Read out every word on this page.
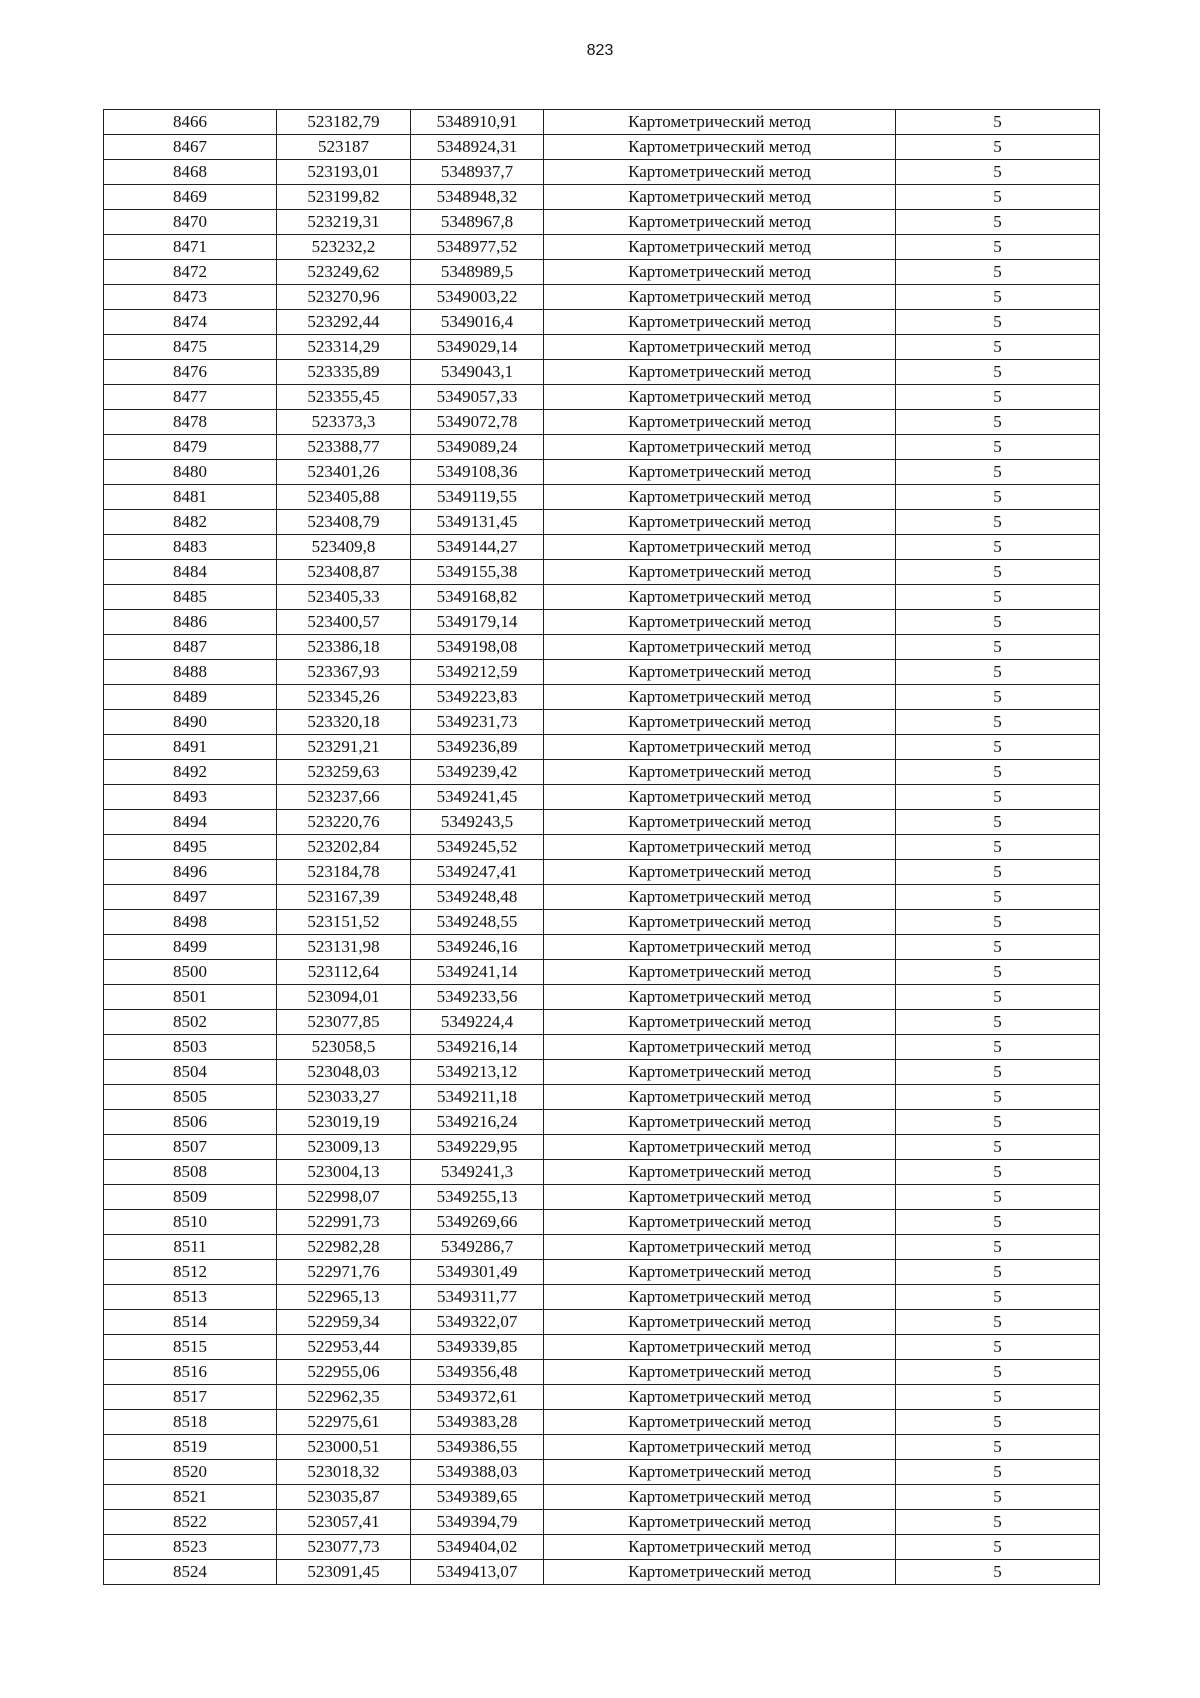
823
8466	523182,79	5348910,91	Картометрический метод	5
8467	523187	5348924,31	Картометрический метод	5
8468	523193,01	5348937,7	Картометрический метод	5
8469	523199,82	5348948,32	Картометрический метод	5
8470	523219,31	5348967,8	Картометрический метод	5
8471	523232,2	5348977,52	Картометрический метод	5
8472	523249,62	5348989,5	Картометрический метод	5
8473	523270,96	5349003,22	Картометрический метод	5
8474	523292,44	5349016,4	Картометрический метод	5
8475	523314,29	5349029,14	Картометрический метод	5
8476	523335,89	5349043,1	Картометрический метод	5
8477	523355,45	5349057,33	Картометрический метод	5
8478	523373,3	5349072,78	Картометрический метод	5
8479	523388,77	5349089,24	Картометрический метод	5
8480	523401,26	5349108,36	Картометрический метод	5
8481	523405,88	5349119,55	Картометрический метод	5
8482	523408,79	5349131,45	Картометрический метод	5
8483	523409,8	5349144,27	Картометрический метод	5
8484	523408,87	5349155,38	Картометрический метод	5
8485	523405,33	5349168,82	Картометрический метод	5
8486	523400,57	5349179,14	Картометрический метод	5
8487	523386,18	5349198,08	Картометрический метод	5
8488	523367,93	5349212,59	Картометрический метод	5
8489	523345,26	5349223,83	Картометрический метод	5
8490	523320,18	5349231,73	Картометрический метод	5
8491	523291,21	5349236,89	Картометрический метод	5
8492	523259,63	5349239,42	Картометрический метод	5
8493	523237,66	5349241,45	Картометрический метод	5
8494	523220,76	5349243,5	Картометрический метод	5
8495	523202,84	5349245,52	Картометрический метод	5
8496	523184,78	5349247,41	Картометрический метод	5
8497	523167,39	5349248,48	Картометрический метод	5
8498	523151,52	5349248,55	Картометрический метод	5
8499	523131,98	5349246,16	Картометрический метод	5
8500	523112,64	5349241,14	Картометрический метод	5
8501	523094,01	5349233,56	Картометрический метод	5
8502	523077,85	5349224,4	Картометрический метод	5
8503	523058,5	5349216,14	Картометрический метод	5
8504	523048,03	5349213,12	Картометрический метод	5
8505	523033,27	5349211,18	Картометрический метод	5
8506	523019,19	5349216,24	Картометрический метод	5
8507	523009,13	5349229,95	Картометрический метод	5
8508	523004,13	5349241,3	Картометрический метод	5
8509	522998,07	5349255,13	Картометрический метод	5
8510	522991,73	5349269,66	Картометрический метод	5
8511	522982,28	5349286,7	Картометрический метод	5
8512	522971,76	5349301,49	Картометрический метод	5
8513	522965,13	5349311,77	Картометрический метод	5
8514	522959,34	5349322,07	Картометрический метод	5
8515	522953,44	5349339,85	Картометрический метод	5
8516	522955,06	5349356,48	Картометрический метод	5
8517	522962,35	5349372,61	Картометрический метод	5
8518	522975,61	5349383,28	Картометрический метод	5
8519	523000,51	5349386,55	Картометрический метод	5
8520	523018,32	5349388,03	Картометрический метод	5
8521	523035,87	5349389,65	Картометрический метод	5
8522	523057,41	5349394,79	Картометрический метод	5
8523	523077,73	5349404,02	Картометрический метод	5
8524	523091,45	5349413,07	Картометрический метод	5
